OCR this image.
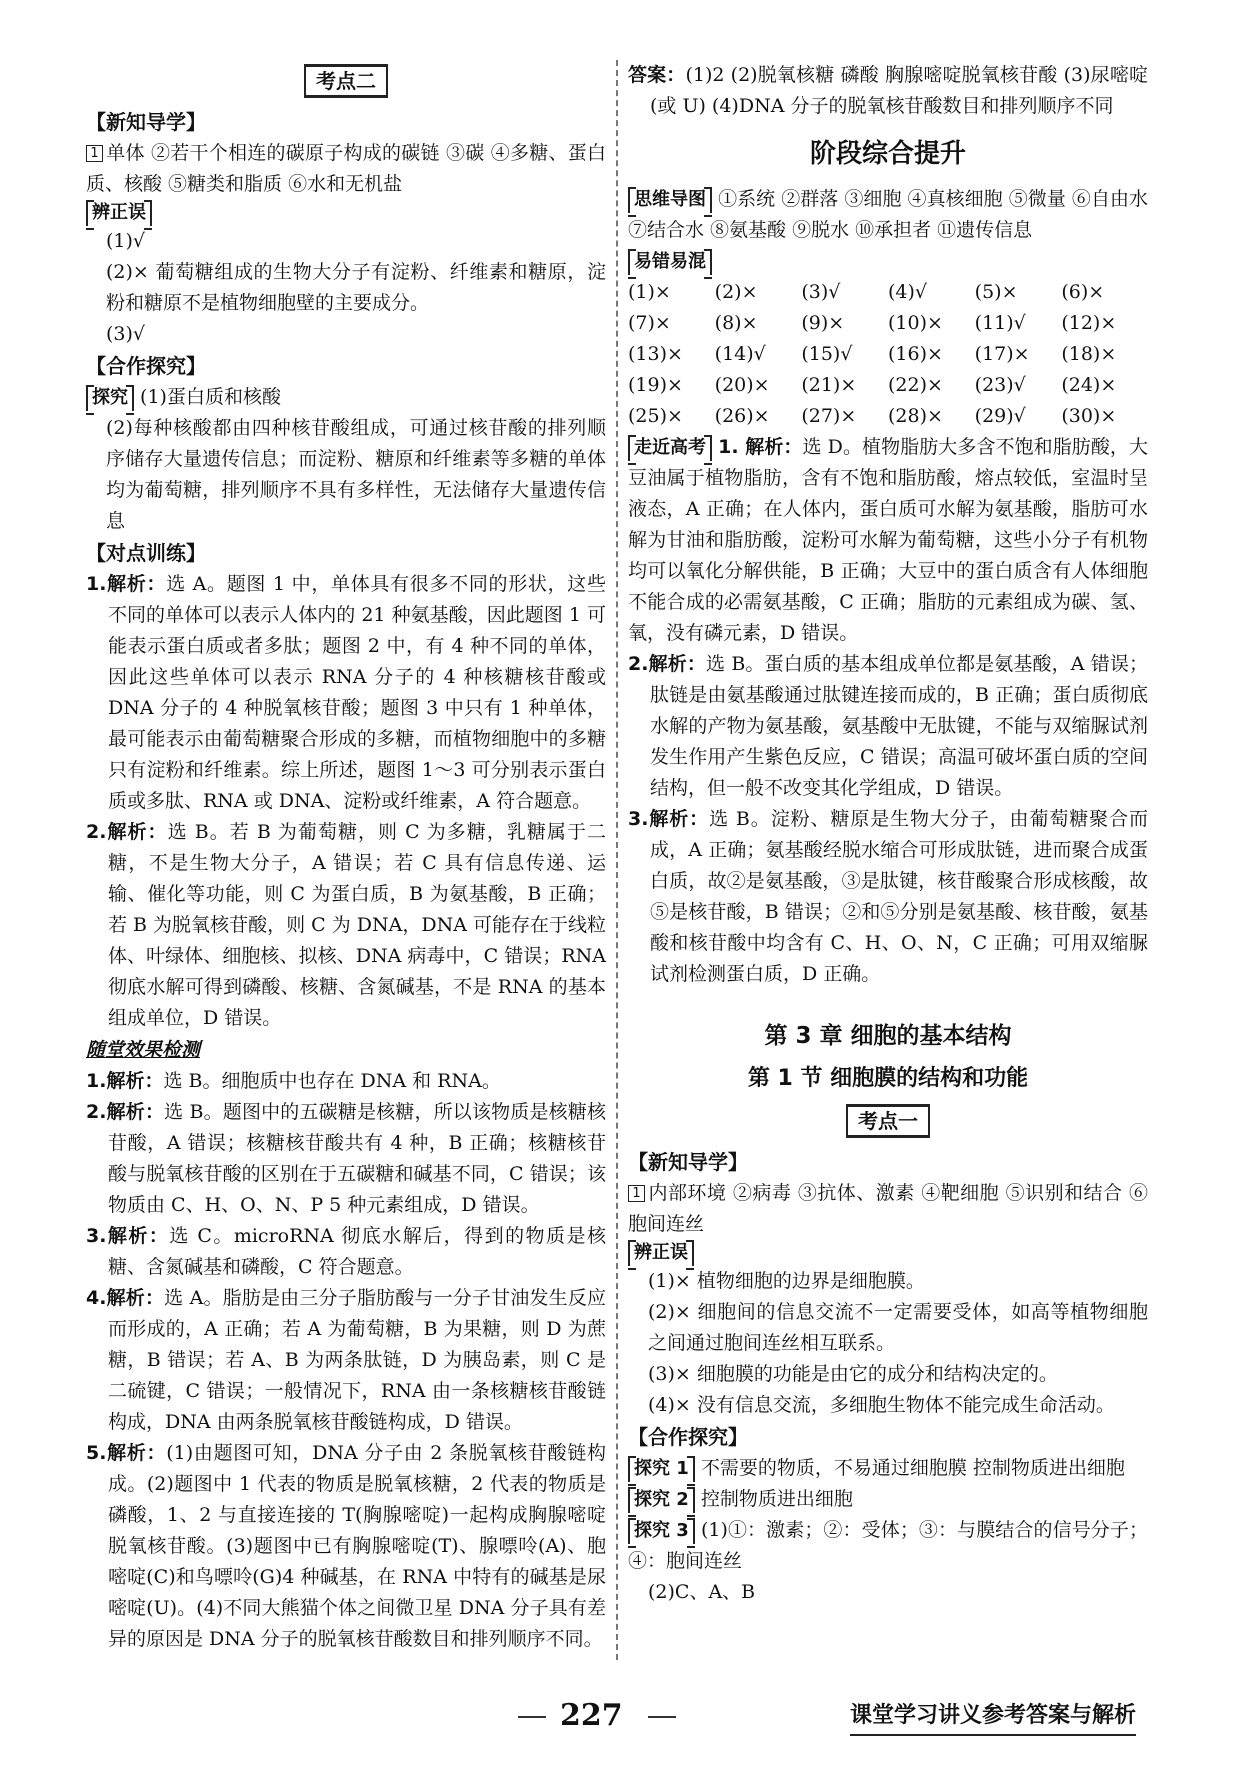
考点二
【新知导学】

1 单体 ②若干个相连的碳原子构成的碳链 ③碳 ④多糖、蛋白质、核酸 ⑤糖类和脂质 ⑥水和无机盐

辨正误

(1)√

(2)× 葡萄糖组成的生物大分子有淀粉、纤维素和糖原，淀粉和糖原不是植物细胞壁的主要成分。

(3)√

【合作探究】

探究 (1)蛋白质和核酸

(2)每种核酸都由四种核苷酸组成，可通过核苷酸的排列顺序储存大量遗传信息；而淀粉、糖原和纤维素等多糖的单体均为葡萄糖，排列顺序不具有多样性，无法储存大量遗传信息

【对点训练】

1.解析：选 A。题图 1 中，单体具有很多不同的形状，这些不同的单体可以表示人体内的 21 种氨基酸，因此题图 1 可能表示蛋白质或者多肽；题图 2 中，有 4 种不同的单体，因此这些单体可以表示 RNA 分子的 4 种核糖核苷酸或 DNA 分子的 4 种脱氧核苷酸；题图 3 中只有 1 种单体，最可能表示由葡萄糖聚合形成的多糖，而植物细胞中的多糖只有淀粉和纤维素。综上所述，题图 1～3 可分别表示蛋白质或多肽、RNA 或 DNA、淀粉或纤维素，A 符合题意。

2.解析：选 B。若 B 为葡萄糖，则 C 为多糖，乳糖属于二糖，不是生物大分子，A 错误；若 C 具有信息传递、运输、催化等功能，则 C 为蛋白质，B 为氨基酸，B 正确；若 B 为脱氧核苷酸，则 C 为 DNA，DNA 可能存在于线粒体、叶绿体、细胞核、拟核、DNA 病毒中，C 错误；RNA 彻底水解可得到磷酸、核糖、含氮碱基，不是 RNA 的基本组成单位，D 错误。

随堂效果检测

1.解析：选 B。细胞质中也存在 DNA 和 RNA。

2.解析：选 B。题图中的五碳糖是核糖，所以该物质是核糖核苷酸，A 错误；核糖核苷酸共有 4 种，B 正确；核糖核苷酸与脱氧核苷酸的区别在于五碳糖和碱基不同，C 错误；该物质由 C、H、O、N、P 5 种元素组成，D 错误。

3.解析：选 C。microRNA 彻底水解后，得到的物质是核糖、含氮碱基和磷酸，C 符合题意。

4.解析：选 A。脂肪是由三分子脂肪酸与一分子甘油发生反应而形成的，A 正确；若 A 为葡萄糖，B 为果糖，则 D 为蔗糖，B 错误；若 A、B 为两条肽链，D 为胰岛素，则 C 是二硫键，C 错误；一般情况下，RNA 由一条核糖核苷酸链构成，DNA 由两条脱氧核苷酸链构成，D 错误。

5.解析：(1)由题图可知，DNA 分子由 2 条脱氧核苷酸链构成。(2)题图中 1 代表的物质是脱氧核糖，2 代表的物质是磷酸，1、2 与直接连接的 T(胸腺嘧啶)一起构成胸腺嘧啶脱氧核苷酸。(3)题图中已有胸腺嘧啶(T)、腺嘌呤(A)、胞嘧啶(C)和鸟嘌呤(G)4 种碱基，在 RNA 中特有的碱基是尿嘧啶(U)。(4)不同大熊猫个体之间微卫星 DNA 分子具有差异的原因是 DNA 分子的脱氧核苷酸数目和排列顺序不同。

答案：(1)2 (2)脱氧核糖 磷酸 胸腺嘧啶脱氧核苷酸 (3)尿嘧啶(或 U) (4)DNA 分子的脱氧核苷酸数目和排列顺序不同

阶段综合提升

思维导图 ①系统 ②群落 ③细胞 ④真核细胞 ⑤微量 ⑥自由水 ⑦结合水 ⑧氨基酸 ⑨脱水 ⑩承担者 ⑪遗传信息

易错易混
(1)×	(2)×	(3)√	(4)√	(5)×	(6)×
(7)×	(8)×	(9)×	(10)×	(11)√	(12)×
(13)×	(14)√	(15)√	(16)×	(17)×	(18)×
(19)×	(20)×	(21)×	(22)×	(23)√	(24)×
(25)×	(26)×	(27)×	(28)×	(29)√	(30)×

走近高考 1. 解析：选 D。植物脂肪大多含不饱和脂肪酸，大豆油属于植物脂肪，含有不饱和脂肪酸，熔点较低，室温时呈液态，A 正确；在人体内，蛋白质可水解为氨基酸，脂肪可水解为甘油和脂肪酸，淀粉可水解为葡萄糖，这些小分子有机物均可以氧化分解供能，B 正确；大豆中的蛋白质含有人体细胞不能合成的必需氨基酸，C 正确；脂肪的元素组成为碳、氢、氧，没有磷元素，D 错误。

2.解析：选 B。蛋白质的基本组成单位都是氨基酸，A 错误；肽链是由氨基酸通过肽键连接而成的，B 正确；蛋白质彻底水解的产物为氨基酸，氨基酸中无肽键，不能与双缩脲试剂发生作用产生紫色反应，C 错误；高温可破坏蛋白质的空间结构，但一般不改变其化学组成，D 错误。

3.解析：选 B。淀粉、糖原是生物大分子，由葡萄糖聚合而成，A 正确；氨基酸经脱水缩合可形成肽链，进而聚合成蛋白质，故②是氨基酸，③是肽键，核苷酸聚合形成核酸，故⑤是核苷酸，B 错误；②和⑤分别是氨基酸、核苷酸，氨基酸和核苷酸中均含有 C、H、O、N，C 正确；可用双缩脲试剂检测蛋白质，D 正确。

第 3 章 细胞的基本结构
第 1 节 细胞膜的结构和功能
考点一
【新知导学】

1 内部环境 ②病毒 ③抗体、激素 ④靶细胞 ⑤识别和结合 ⑥胞间连丝

辨正误

(1)× 植物细胞的边界是细胞膜。

(2)× 细胞间的信息交流不一定需要受体，如高等植物细胞之间通过胞间连丝相互联系。

(3)× 细胞膜的功能是由它的成分和结构决定的。

(4)× 没有信息交流，多细胞生物体不能完成生命活动。

【合作探究】

探究 1 不需要的物质，不易通过细胞膜 控制物质进出细胞

探究 2 控制物质进出细胞

探究 3 (1)①：激素；②：受体；③：与膜结合的信号分子；④：胞间连丝

(2)C、A、B

227	课堂学习讲义参考答案与解析
